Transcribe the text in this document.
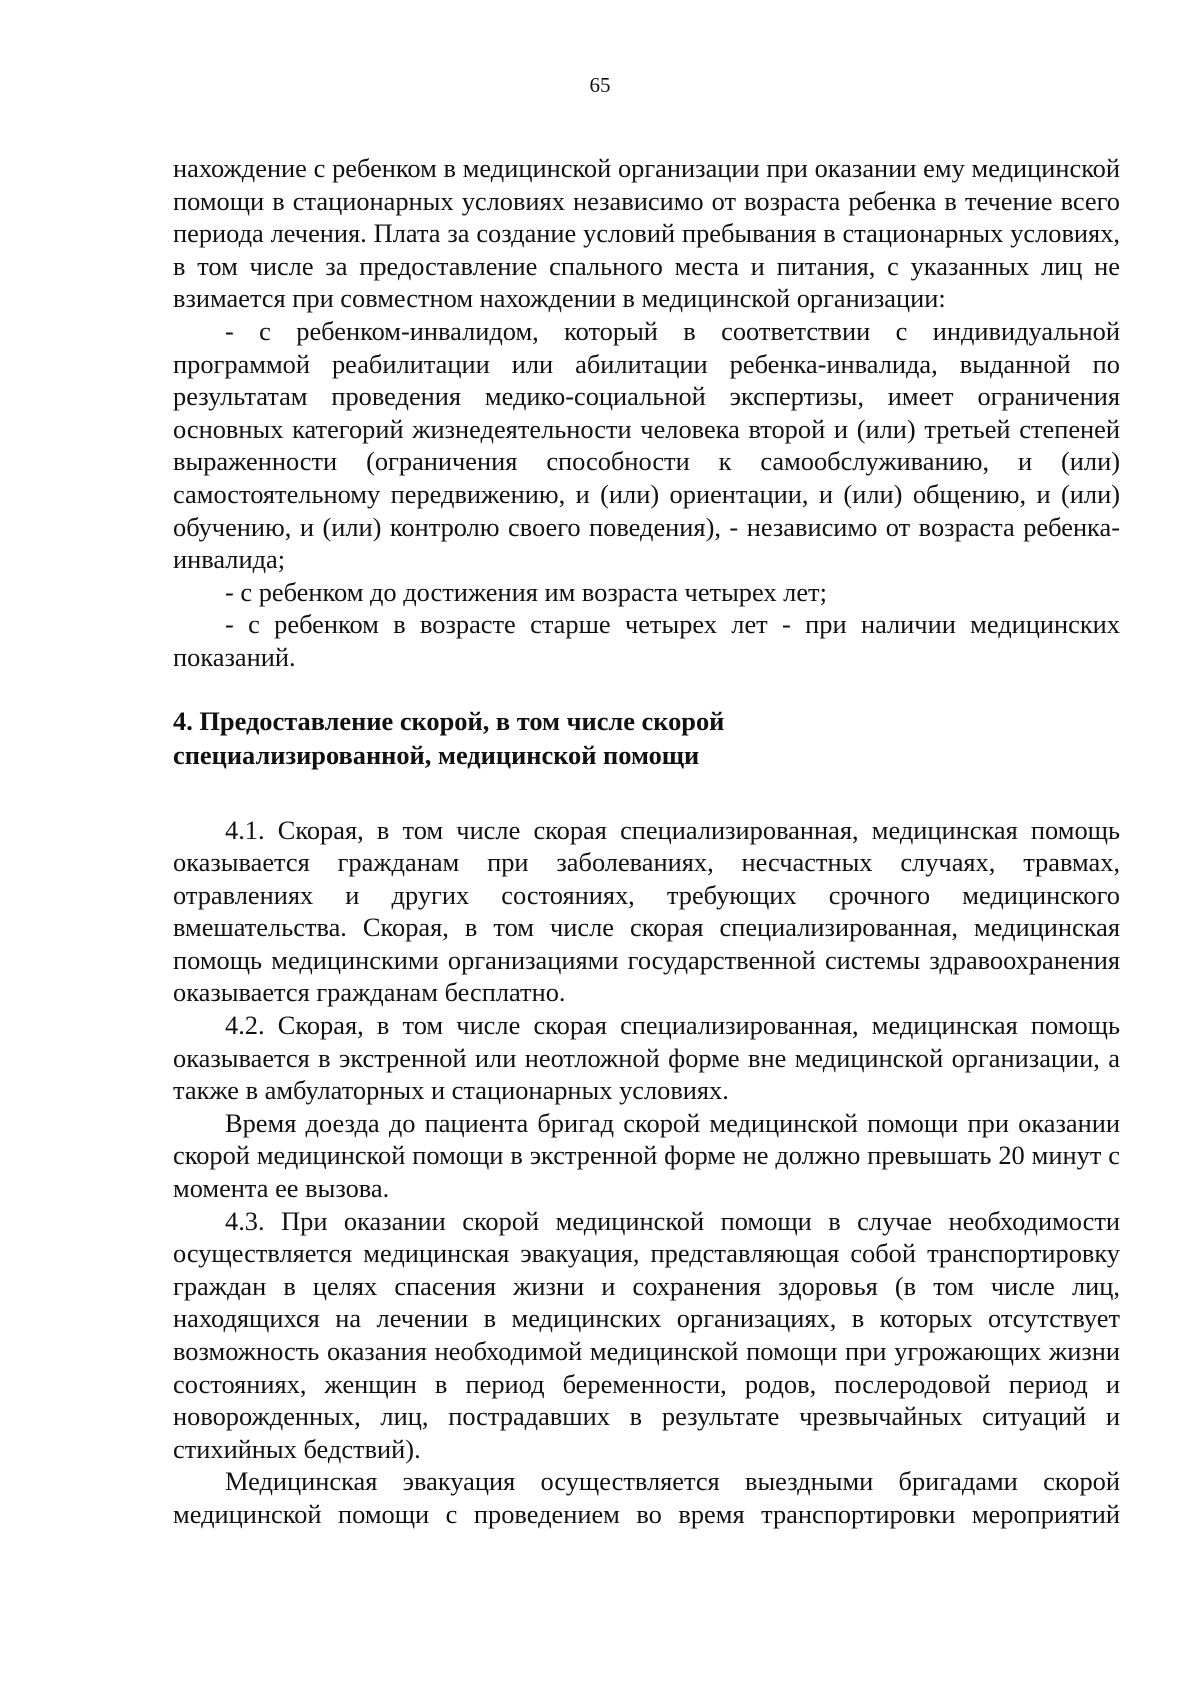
65

нахождение с ребенком в медицинской организации при оказании ему медицинской помощи в стационарных условиях независимо от возраста ребенка в течение всего периода лечения. Плата за создание условий пребывания в стационарных условиях, в том числе за предоставление спального места и питания, с указанных лиц не взимается при совместном нахождении в медицинской организации:

- с ребенком-инвалидом, который в соответствии с индивидуальной программой реабилитации или абилитации ребенка-инвалида, выданной по результатам проведения медико-социальной экспертизы, имеет ограничения основных категорий жизнедеятельности человека второй и (или) третьей степеней выраженности (ограничения способности к самообслуживанию, и (или) самостоятельному передвижению, и (или) ориентации, и (или) общению, и (или) обучению, и (или) контролю своего поведения), - независимо от возраста ребенка-инвалида;

- с ребенком до достижения им возраста четырех лет;

- с ребенком в возрасте старше четырех лет - при наличии медицинских показаний.

4. Предоставление скорой, в том числе скорой

специализированной, медицинской помощи

4.1. Скорая, в том числе скорая специализированная, медицинская помощь оказывается гражданам при заболеваниях, несчастных случаях, травмах, отравлениях и других состояниях, требующих срочного медицинского вмешательства. Скорая, в том числе скорая специализированная, медицинская помощь медицинскими организациями государственной системы здравоохранения оказывается гражданам бесплатно.

4.2. Скорая, в том числе скорая специализированная, медицинская помощь оказывается в экстренной или неотложной форме вне медицинской организации, а также в амбулаторных и стационарных условиях.

Время доезда до пациента бригад скорой медицинской помощи при оказании скорой медицинской помощи в экстренной форме не должно превышать 20 минут с момента ее вызова.

4.3. При оказании скорой медицинской помощи в случае необходимости осуществляется медицинская эвакуация, представляющая собой транспортировку граждан в целях спасения жизни и сохранения здоровья (в том числе лиц, находящихся на лечении в медицинских организациях, в которых отсутствует возможность оказания необходимой медицинской помощи при угрожающих жизни состояниях, женщин в период беременности, родов, послеродовой период и новорожденных, лиц, пострадавших в результате чрезвычайных ситуаций и стихийных бедствий).

Медицинская эвакуация осуществляется выездными бригадами скорой медицинской помощи с проведением во время транспортировки мероприятий
